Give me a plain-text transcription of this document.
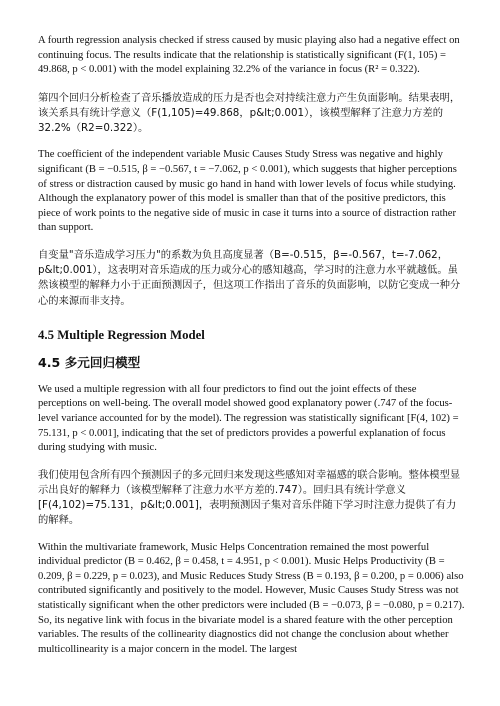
A fourth regression analysis checked if stress caused by music playing also had a negative effect on continuing focus. The results indicate that the relationship is statistically significant (F(1, 105) = 49.868, p < 0.001) with the model explaining 32.2% of the variance in focus (R² = 0.322).

第四个回归分析检查了音乐播放造成的压力是否也会对持续注意力产生负面影响。结果表明，该关系具有统计学意义（F(1,105)=49.868，p&lt;0.001），该模型解释了注意力方差的32.2%（R2=0.322）。

The coefficient of the independent variable Music Causes Study Stress was negative and highly significant (B = −0.515, β = −0.567, t = −7.062, p < 0.001), which suggests that higher perceptions of stress or distraction caused by music go hand in hand with lower levels of focus while studying. Although the explanatory power of this model is smaller than that of the positive predictors, this piece of work points to the negative side of music in case it turns into a source of distraction rather than support.

自变量"音乐造成学习压力"的系数为负且高度显著（B=-0.515，β=-0.567，t=-7.062，p&lt;0.001），这表明对音乐造成的压力或分心的感知越高，学习时的注意力水平就越低。虽然该模型的解释力小于正面预测因子，但这项工作指出了音乐的负面影响，以防它变成一种分心的来源而非支持。

4.5 Multiple Regression Model
4.5 多元回归模型

We used a multiple regression with all four predictors to find out the joint effects of these perceptions on well-being. The overall model showed good explanatory power (.747 of the focus-level variance accounted for by the model). The regression was statistically significant [F(4, 102) = 75.131, p < 0.001], indicating that the set of predictors provides a powerful explanation of focus during studying with music.

我们使用包含所有四个预测因子的多元回归来发现这些感知对幸福感的联合影响。整体模型显示出良好的解释力（该模型解释了注意力水平方差的.747）。回归具有统计学意义[F(4,102)=75.131，p&lt;0.001]，表明预测因子集对音乐伴随下学习时注意力提供了有力的解释。

Within the multivariate framework, Music Helps Concentration remained the most powerful individual predictor (B = 0.462, β = 0.458, t = 4.951, p < 0.001). Music Helps Productivity (B = 0.209, β = 0.229, p = 0.023), and Music Reduces Study Stress (B = 0.193, β = 0.200, p = 0.006) also contributed significantly and positively to the model. However, Music Causes Study Stress was not statistically significant when the other predictors were included (B = −0.073, β = −0.080, p = 0.217). So, its negative link with focus in the bivariate model is a shared feature with the other perception variables. The results of the collinearity diagnostics did not change the conclusion about whether multicollinearity is a major concern in the model. The largest
